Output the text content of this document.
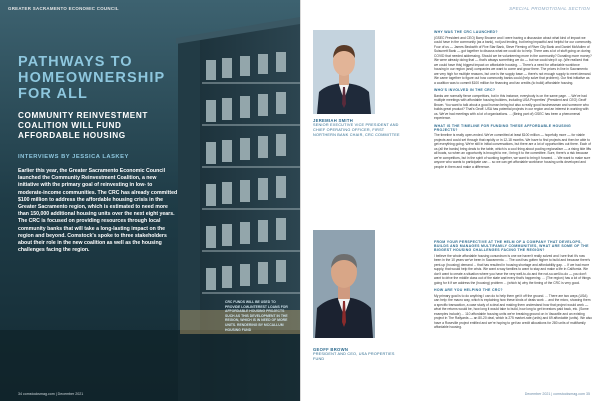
GREATER SACRAMENTO ECONOMIC COUNCIL
PATHWAYS TO HOMEOWNERSHIP FOR ALL
COMMUNITY REINVESTMENT COALITION WILL FUND AFFORDABLE HOUSING
INTERVIEWS BY JESSICA LASKEY
Earlier this year, the Greater Sacramento Economic Council launched the Community Reinvestment Coalition, a new initiative with the primary goal of reinvesting in low- to moderate-income communities. The CRC has already committed $100 million to address the affordable housing crisis in the Greater Sacramento region, which is estimated to need more than 150,000 additional housing units over the next eight years. The CRC is focused on providing resources through local community banks that will take a long-lasting impact on the region and beyond. Comstock's spoke to three stakeholders about their role in the new coalition as well as the housing challenges facing the region.
CRC FUNDS WILL BE USED TO PROVIDE LOW-INTEREST LOANS FOR AFFORDABLE HOUSING PROJECTS SUCH AS THIS DEVELOPMENT IN THE REGION, WHICH IS IN NEED OF MORE UNITS. RENDERING BY MCCALLUM HOUSING FUND
34 comstocksmag.com | December 2021
SPECIAL PROMOTIONAL SECTION
JEREMIAH SMITH
SENIOR EXECUTIVE VICE PRESIDENT AND CHIEF OPERATING OFFICER, FIRST NORTHERN BANK CHAIR, CRC COMMITTEE
GEOFF BROWN
PRESIDENT AND CEO, USA PROPERTIES FUND
WHY WAS THE CRC LAUNCHED?
(GSEC President and CEO) Barry Broome and I were having a discussion about what kind of impact we could have in the community (as a bank), not just lending, but being impactful and helpful for our community. Four of us — James Beckwith of Five Star Bank, Steve Fleming of River City Bank and Daniel McMullen of Suisunett Bank — got together to discuss what we could do to help. There was a lot of stuff going on during COVID that needed addressing. Should we be volunteering more in the community? Donating more money? We were already doing that — that's always something we do — but we could step it up. (We realized that we could have this) biggest impact on affordable housing. ... There's a need for affordable workforce housing in our region (and) companies we want to come and grow there. The prices in line in Sacramento are very high for multiple reasons, but one is the supply base — there's not enough supply to meet demand. We came together to figure out how community banks could (help solve that problem). Our first initiative as a coalition was to commit $100 million for financing and tax credits (to build) affordable housing.
WHO'S INVOLVED IN THE CRC?
Banks are normally fierce competitors, but in this instance, everybody is on the same page. ... We've had multiple meetings with affordable housing builders, including USA Properties' (President and CEO) Geoff Brown. You want to talk about a good human being but also a really good businessman and someone who builds great product? That's Geoff. USA has potential projects in our region and an interest in working with us. We've had meetings with a lot of organizations. ... (Being part of) GSEC has been a phenomenal experience.
WHAT IS THE TIMELINE FOR FUNDING THESE AFFORDABLE HOUSING PROJECTS?
The timeline is really open-ended. We've committed at least $100 million — hopefully more — for viable projects and could set through that rapidly or in 12-18 months. We have to find projects and then be able to get everything going. We're still in initial conversations, but there are a lot of opportunities out there. Each of us (all the banks) bring deals to the table, which is a cool thing about pooling regionalism — a rising tide lifts all boats, so when an opportunity is brought to me, I bring it to the committee. Sure, there's a risk because we're competitors, but in the spirit of working together, we want to bring it forward. ... We want to make sure anyone who wants to participate can ... so we can get affordable workforce housing units developed and people in them and make a difference.
FROM YOUR PERSPECTIVE AT THE HELM OF A COMPANY THAT DEVELOPS, BUILDS AND MANAGES MULTIFAMILY COMMUNITIES, WHAT ARE SOME OF THE BIGGEST HOUSING CHALLENGES FACING THE REGION?
I believe the whole affordable housing conundrum is one we haven't really solved and I see that it's now been in the 10 years we've been in Sacramento. ... The cost has gotten higher to build and because there's pent-up (housing) demand ... that has resulted in housing shortage and affordability gap. ... If we had more supply, that would help the crisis. We want a way families to want to stay and make a life in California. We don't want to create a situation where you have the very well-to-do and the not-so-well-to-do — you don't want to drive the middle class out of the state and every that's happening. ... (The region) has a lot of things going for it if we address the (housing) problem ... (which is) why the timing of the CRC is very good.
HOW ARE YOU HELPING THE CRC?
My primary goal is to do anything I can do to help them get it off the ground. ... There are two ways (USA) can help: the macro way, which is explaining how these kinds of deals work ... and the micro, showing them a specific transaction, a case study of a deal and making them understand how that project would work — what the returns would be, how long it would take to build, how long to get investors paid back, etc. (Some examples include) ... 110 affordable housing units we're breaking ground on in Vacaville and an existing project in The Railyards — an 80-20 deal, which is 275 market-rate (units) and 69 affordable (units). We also have a Roseville project entitled and we're hoping to get tax credit allocations for 280 units of multifamily affordable housing.
December 2021 | comstocksmag.com 35
